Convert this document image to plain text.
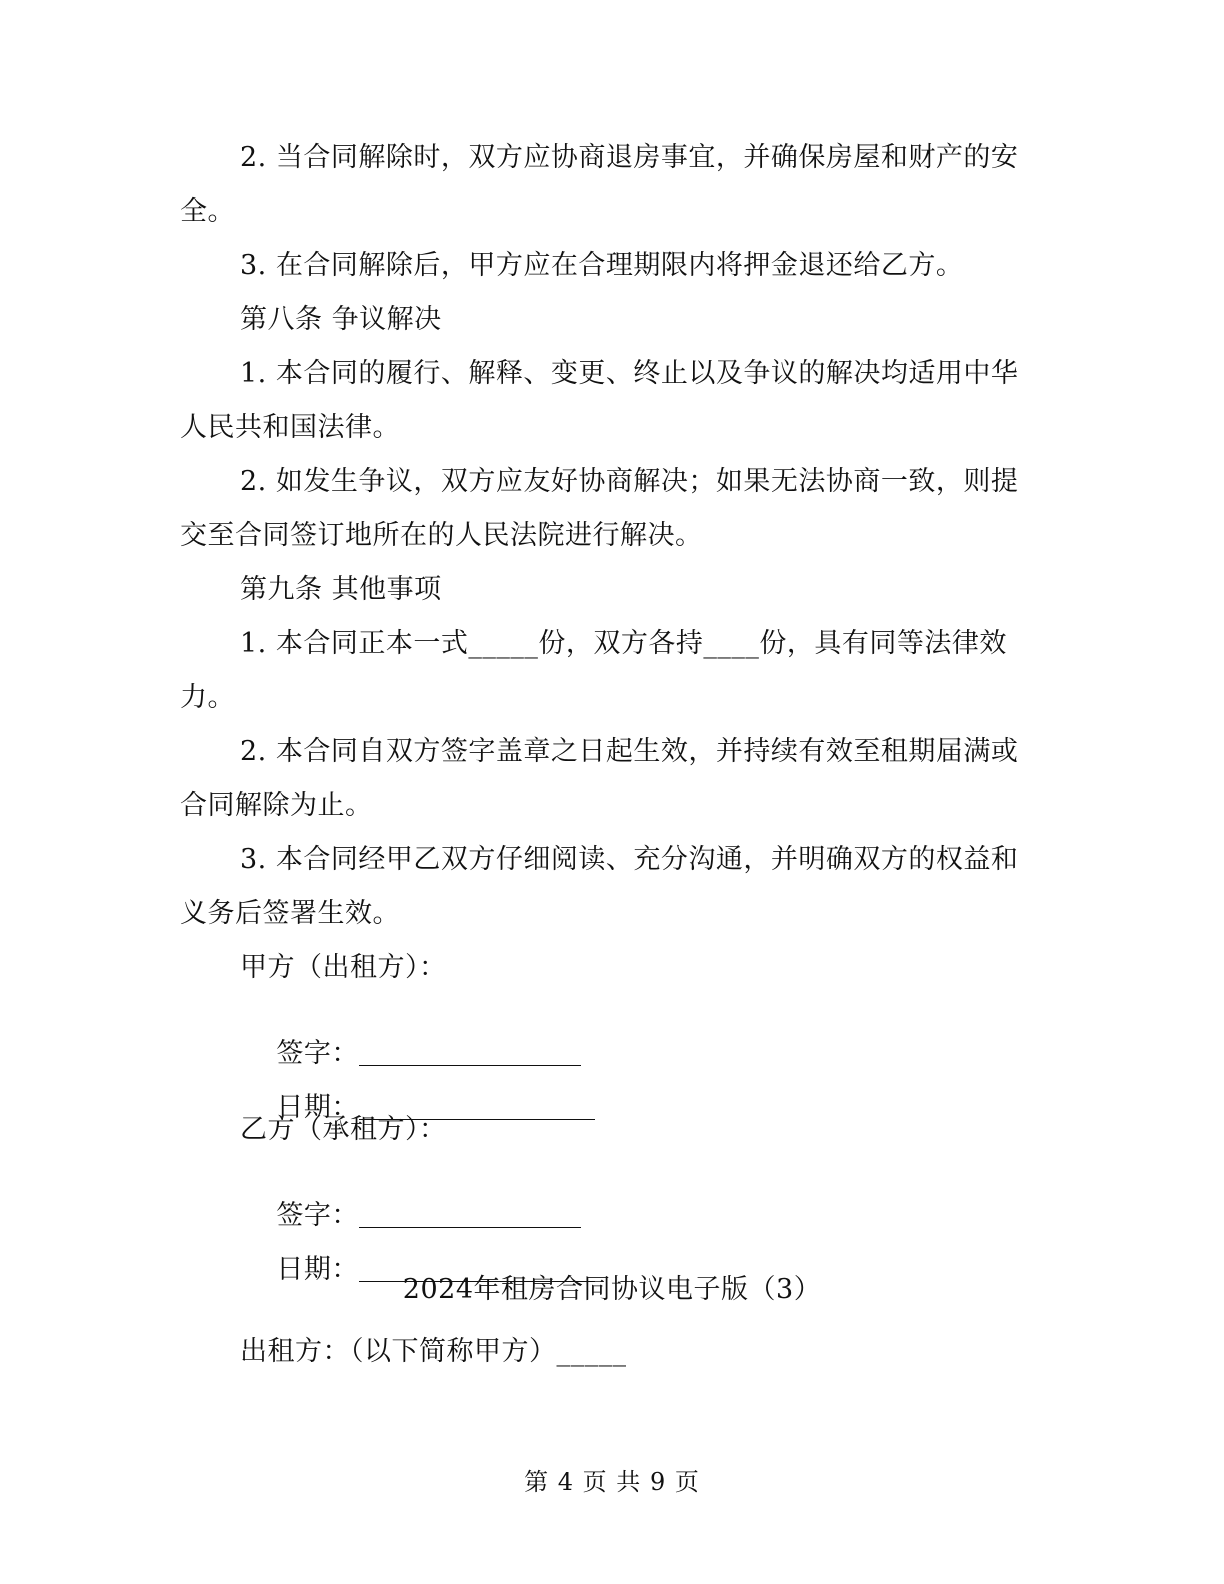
2. 当合同解除时，双方应协商退房事宜，并确保房屋和财产的安
全。
3. 在合同解除后，甲方应在合理期限内将押金退还给乙方。
第八条 争议解决
1. 本合同的履行、解释、变更、终止以及争议的解决均适用中华
人民共和国法律。
2. 如发生争议，双方应友好协商解决；如果无法协商一致，则提
交至合同签订地所在的人民法院进行解决。
第九条 其他事项
1. 本合同正本一式_____份，双方各持____份，具有同等法律效
力。
2. 本合同自双方签字盖章之日起生效，并持续有效至租期届满或
合同解除为止。
3. 本合同经甲乙双方仔细阅读、充分沟通，并明确双方的权益和
义务后签署生效。
甲方（出租方）：

签字：

日期：

乙方（承租方）：

签字：

日期：

2024年租房合同协议电子版（3）
出租方：（以下简称甲方）_____
第 4 页 共 9 页
